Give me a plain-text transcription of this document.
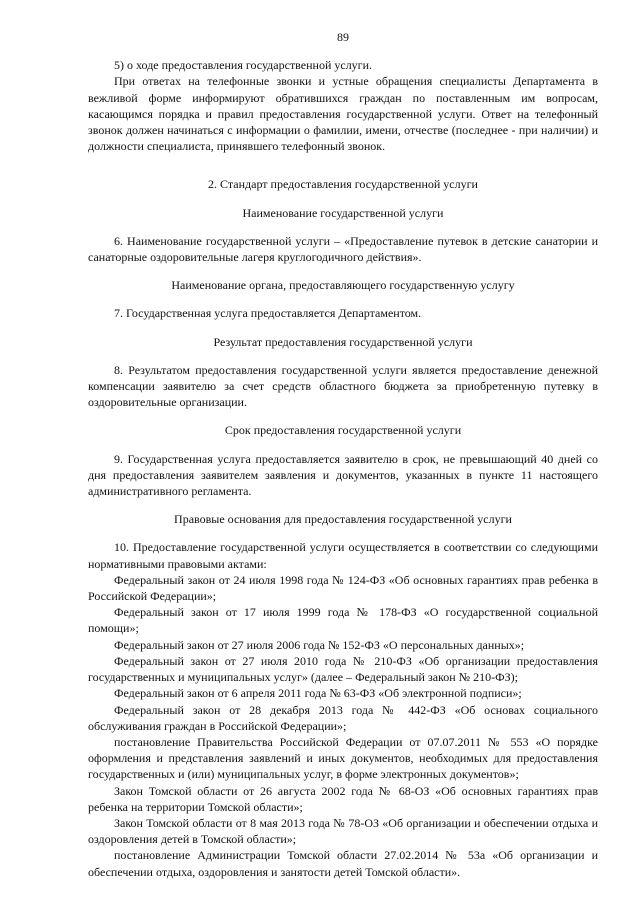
89

5) о ходе предоставления государственной услуги.

При ответах на телефонные звонки и устные обращения специалисты Департамента в вежливой форме информируют обратившихся граждан по поставленным им вопросам, касающимся порядка и правил предоставления государственной услуги. Ответ на телефонный звонок должен начинаться с информации о фамилии, имени, отчестве (последнее - при наличии) и должности специалиста, принявшего телефонный звонок.

2. Стандарт предоставления государственной услуги

Наименование государственной услуги

6. Наименование государственной услуги – «Предоставление путевок в детские санатории и санаторные оздоровительные лагеря круглогодичного действия».

Наименование органа, предоставляющего государственную услугу

7. Государственная услуга предоставляется Департаментом.

Результат предоставления государственной услуги

8. Результатом предоставления государственной услуги является предоставление денежной компенсации заявителю за счет средств областного бюджета за приобретенную путевку в оздоровительные организации.

Срок предоставления государственной услуги

9. Государственная услуга предоставляется заявителю в срок, не превышающий 40 дней со дня предоставления заявителем заявления и документов, указанных в пункте 11 настоящего административного регламента.

Правовые основания для предоставления государственной услуги

10. Предоставление государственной услуги осуществляется в соответствии со следующими нормативными правовыми актами:

Федеральный закон от 24 июля 1998 года № 124-ФЗ «Об основных гарантиях прав ребенка в Российской Федерации»;

Федеральный закон от 17 июля 1999 года № 178-ФЗ «О государственной социальной помощи»;

Федеральный закон от 27 июля 2006 года № 152-ФЗ «О персональных данных»;

Федеральный закон от 27 июля 2010 года № 210-ФЗ «Об организации предоставления государственных и муниципальных услуг» (далее – Федеральный закон № 210-ФЗ);

Федеральный закон от 6 апреля 2011 года № 63-ФЗ «Об электронной подписи»;

Федеральный закон от 28 декабря 2013 года № 442-ФЗ «Об основах социального обслуживания граждан в Российской Федерации»;

постановление Правительства Российской Федерации от 07.07.2011 № 553 «О порядке оформления и представления заявлений и иных документов, необходимых для предоставления государственных и (или) муниципальных услуг, в форме электронных документов»;

Закон Томской области от 26 августа 2002 года № 68-ОЗ «Об основных гарантиях прав ребенка на территории Томской области»;

Закон Томской области от 8 мая 2013 года № 78-ОЗ «Об организации и обеспечении отдыха и оздоровления детей в Томской области»;

постановление Администрации Томской области 27.02.2014 № 53а «Об организации и обеспечении отдыха, оздоровления и занятости детей Томской области».
